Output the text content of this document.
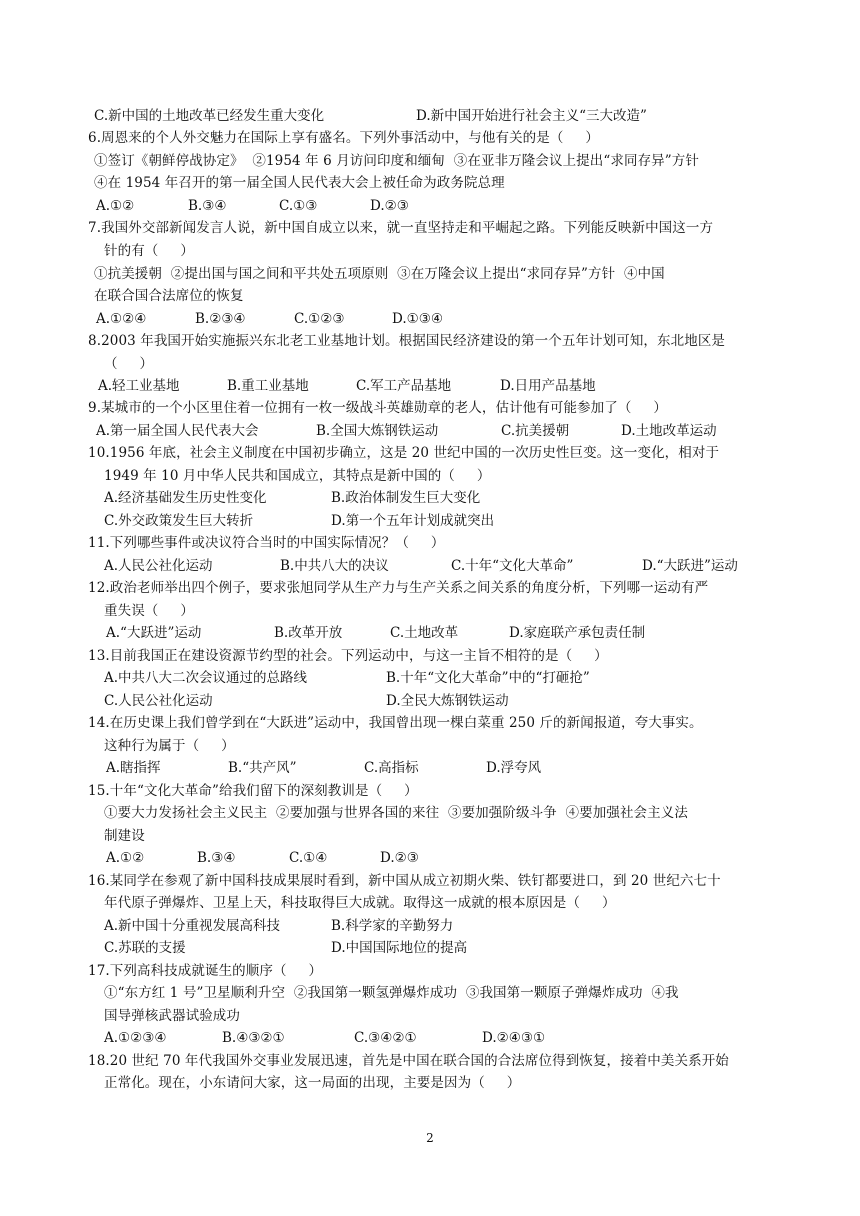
C.新中国的土地改革已经发生重大变化

	D.新中国开始进行社会主义“三大改造”

6.周恩来的个人外交魅力在国际上享有盛名。下列外事活动中，与他有关的是（     ）
①签订《朝鲜停战协定》  ②1954 年 6 月访问印度和缅甸  ③在亚非万隆会议上提出“求同存异”方针
④在 1954 年召开的第一届全国人民代表大会上被任命为政务院总理

A.①②

	B.③④

	C.①③

	D.②③

7.我国外交部新闻发言人说，新中国自成立以来，就一直坚持走和平崛起之路。下列能反映新中国这一方
针的有（     ）
①抗美援朝  ②提出国与国之间和平共处五项原则  ③在万隆会议上提出“求同存异”方针  ④中国
在联合国合法席位的恢复

A.①②④

	B.②③④

	C.①②③

	D.①③④

8.2003 年我国开始实施振兴东北老工业基地计划。根据国民经济建设的第一个五年计划可知，东北地区是
（     ）

A.轻工业基地

	B.重工业基地

	C.军工产品基地

	D.日用产品基地

9.某城市的一个小区里住着一位拥有一枚一级战斗英雄勋章的老人，估计他有可能参加了（     ）

A.第一届全国人民代表大会

	B.全国大炼钢铁运动

	C.抗美援朝

	D.土地改革运动

10.1956 年底，社会主义制度在中国初步确立，这是 20 世纪中国的一次历史性巨变。这一变化，相对于
1949 年 10 月中华人民共和国成立，其特点是新中国的（     ）

A.经济基础发生历史性变化

	B.政治体制发生巨大变化

C.外交政策发生巨大转折

	D.第一个五年计划成就突出

11.下列哪些事件或决议符合当时的中国实际情况？（     ）

A.人民公社化运动

	B.中共八大的决议

	C.十年“文化大革命”

	D.“大跃进”运动

12.政治老师举出四个例子，要求张旭同学从生产力与生产关系之间关系的角度分析，下列哪一运动有严
重失误（     ）

A.“大跃进”运动

	B.改革开放

	C.土地改革

	D.家庭联产承包责任制

13.目前我国正在建设资源节约型的社会。下列运动中，与这一主旨不相符的是（     ）

A.中共八大二次会议通过的总路线

	B.十年“文化大革命”中的“打砸抢”

C.人民公社化运动

	D.全民大炼钢铁运动

14.在历史课上我们曾学到在“大跃进”运动中，我国曾出现一棵白菜重 250 斤的新闻报道，夸大事实。
这种行为属于（     ）

A.瞎指挥

	B.“共产风”

	C.高指标

	D.浮夸风

15.十年“文化大革命”给我们留下的深刻教训是（     ）
①要大力发扬社会主义民主  ②要加强与世界各国的来往  ③要加强阶级斗争  ④要加强社会主义法
制建设

A.①②

	B.③④

	C.①④

	D.②③

16.某同学在参观了新中国科技成果展时看到，新中国从成立初期火柴、铁钉都要进口，到 20 世纪六七十
年代原子弹爆炸、卫星上天，科技取得巨大成就。取得这一成就的根本原因是（     ）

A.新中国十分重视发展高科技

	B.科学家的辛勤努力

C.苏联的支援

	D.中国国际地位的提高

17.下列高科技成就诞生的顺序（     ）
①“东方红 1 号”卫星顺利升空  ②我国第一颗氢弹爆炸成功  ③我国第一颗原子弹爆炸成功  ④我
国导弹核武器试验成功

A.①②③④

	B.④③②①

	C.③④②①

	D.②④③①

18.20 世纪 70 年代我国外交事业发展迅速，首先是中国在联合国的合法席位得到恢复，接着中美关系开始
正常化。现在，小东请问大家，这一局面的出现，主要是因为（     ）
2
